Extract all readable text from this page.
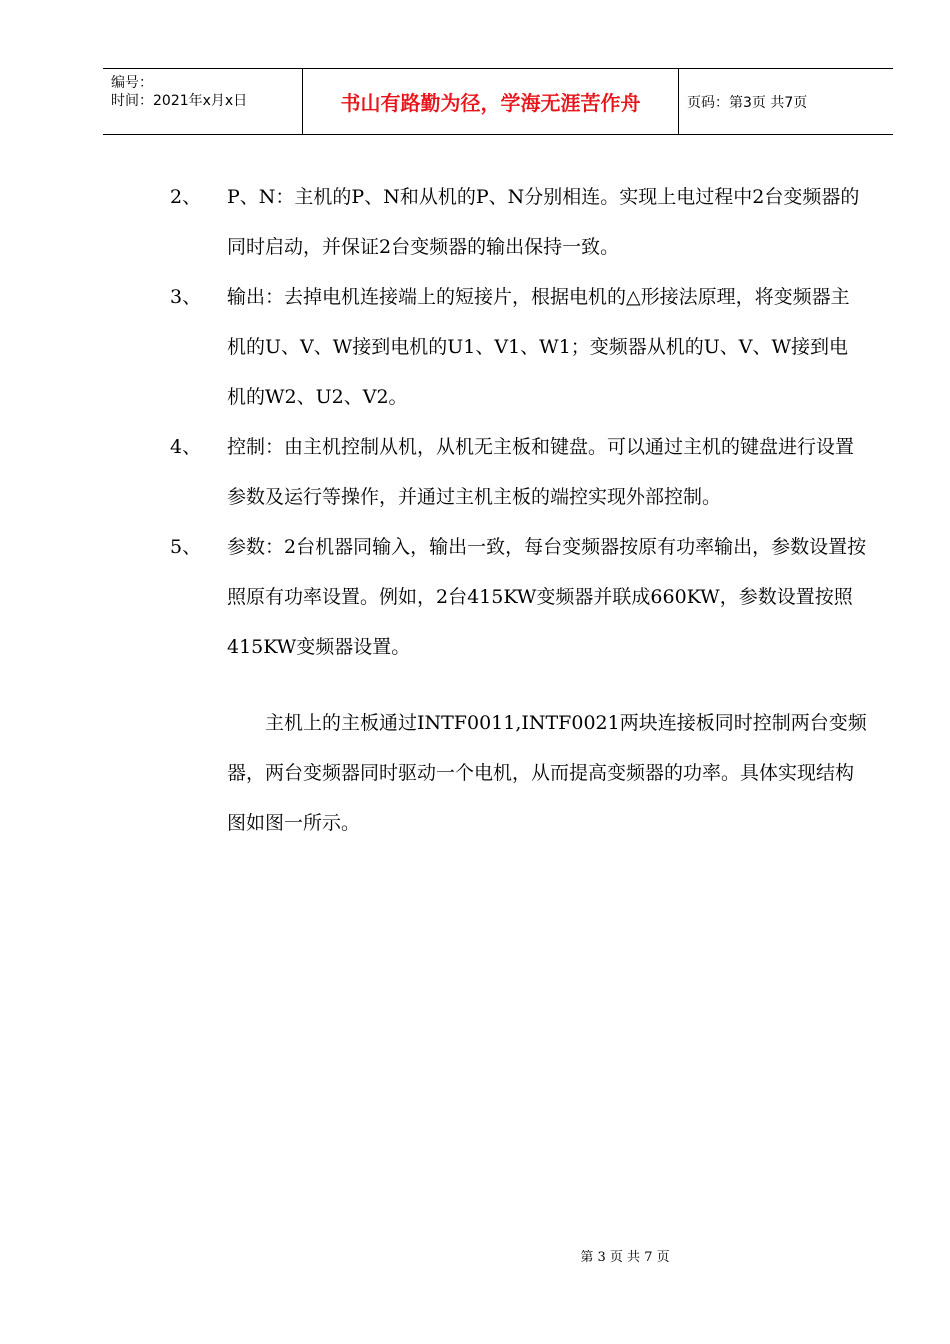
编号：
时间：2021年x月x日	书山有路勤为径，学海无涯苦作舟	页码：第3页 共7页
2、	P、N：主机的P、N和从机的P、N分别相连。实现上电过程中2台变频器的同时启动，并保证2台变频器的输出保持一致。
3、	输出：去掉电机连接端上的短接片，根据电机的△形接法原理，将变频器主机的U、V、W接到电机的U1、V1、W1；变频器从机的U、V、W接到电机的W2、U2、V2。
4、	控制：由主机控制从机，从机无主板和键盘。可以通过主机的键盘进行设置参数及运行等操作，并通过主机主板的端控实现外部控制。
5、	参数：2台机器同输入，输出一致，每台变频器按原有功率输出，参数设置按照原有功率设置。例如，2台415KW变频器并联成660KW，参数设置按照415KW变频器设置。
主机上的主板通过INTF0011,INTF0021两块连接板同时控制两台变频器，两台变频器同时驱动一个电机，从而提高变频器的功率。具体实现结构图如图一所示。
第 3 页 共 7 页
